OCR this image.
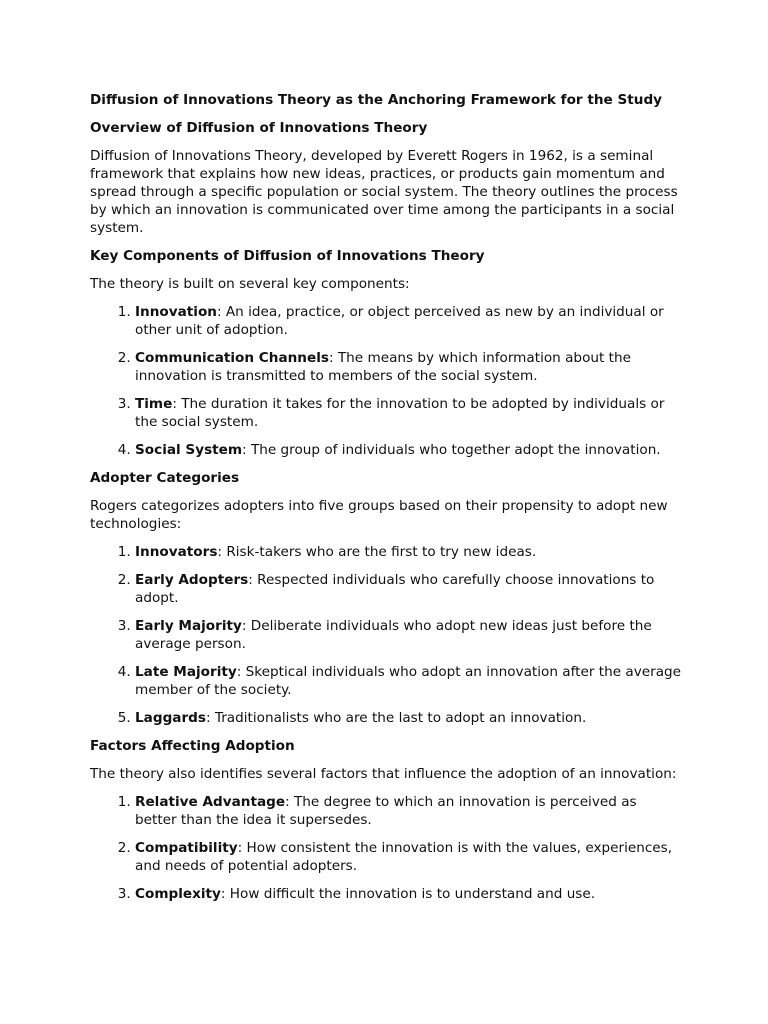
Diffusion of Innovations Theory as the Anchoring Framework for the Study
Overview of Diffusion of Innovations Theory
Diffusion of Innovations Theory, developed by Everett Rogers in 1962, is a seminal framework that explains how new ideas, practices, or products gain momentum and spread through a specific population or social system. The theory outlines the process by which an innovation is communicated over time among the participants in a social system.
Key Components of Diffusion of Innovations Theory
The theory is built on several key components:
1. Innovation: An idea, practice, or object perceived as new by an individual or other unit of adoption.
2. Communication Channels: The means by which information about the innovation is transmitted to members of the social system.
3. Time: The duration it takes for the innovation to be adopted by individuals or the social system.
4. Social System: The group of individuals who together adopt the innovation.
Adopter Categories
Rogers categorizes adopters into five groups based on their propensity to adopt new technologies:
1. Innovators: Risk-takers who are the first to try new ideas.
2. Early Adopters: Respected individuals who carefully choose innovations to adopt.
3. Early Majority: Deliberate individuals who adopt new ideas just before the average person.
4. Late Majority: Skeptical individuals who adopt an innovation after the average member of the society.
5. Laggards: Traditionalists who are the last to adopt an innovation.
Factors Affecting Adoption
The theory also identifies several factors that influence the adoption of an innovation:
1. Relative Advantage: The degree to which an innovation is perceived as better than the idea it supersedes.
2. Compatibility: How consistent the innovation is with the values, experiences, and needs of potential adopters.
3. Complexity: How difficult the innovation is to understand and use.
